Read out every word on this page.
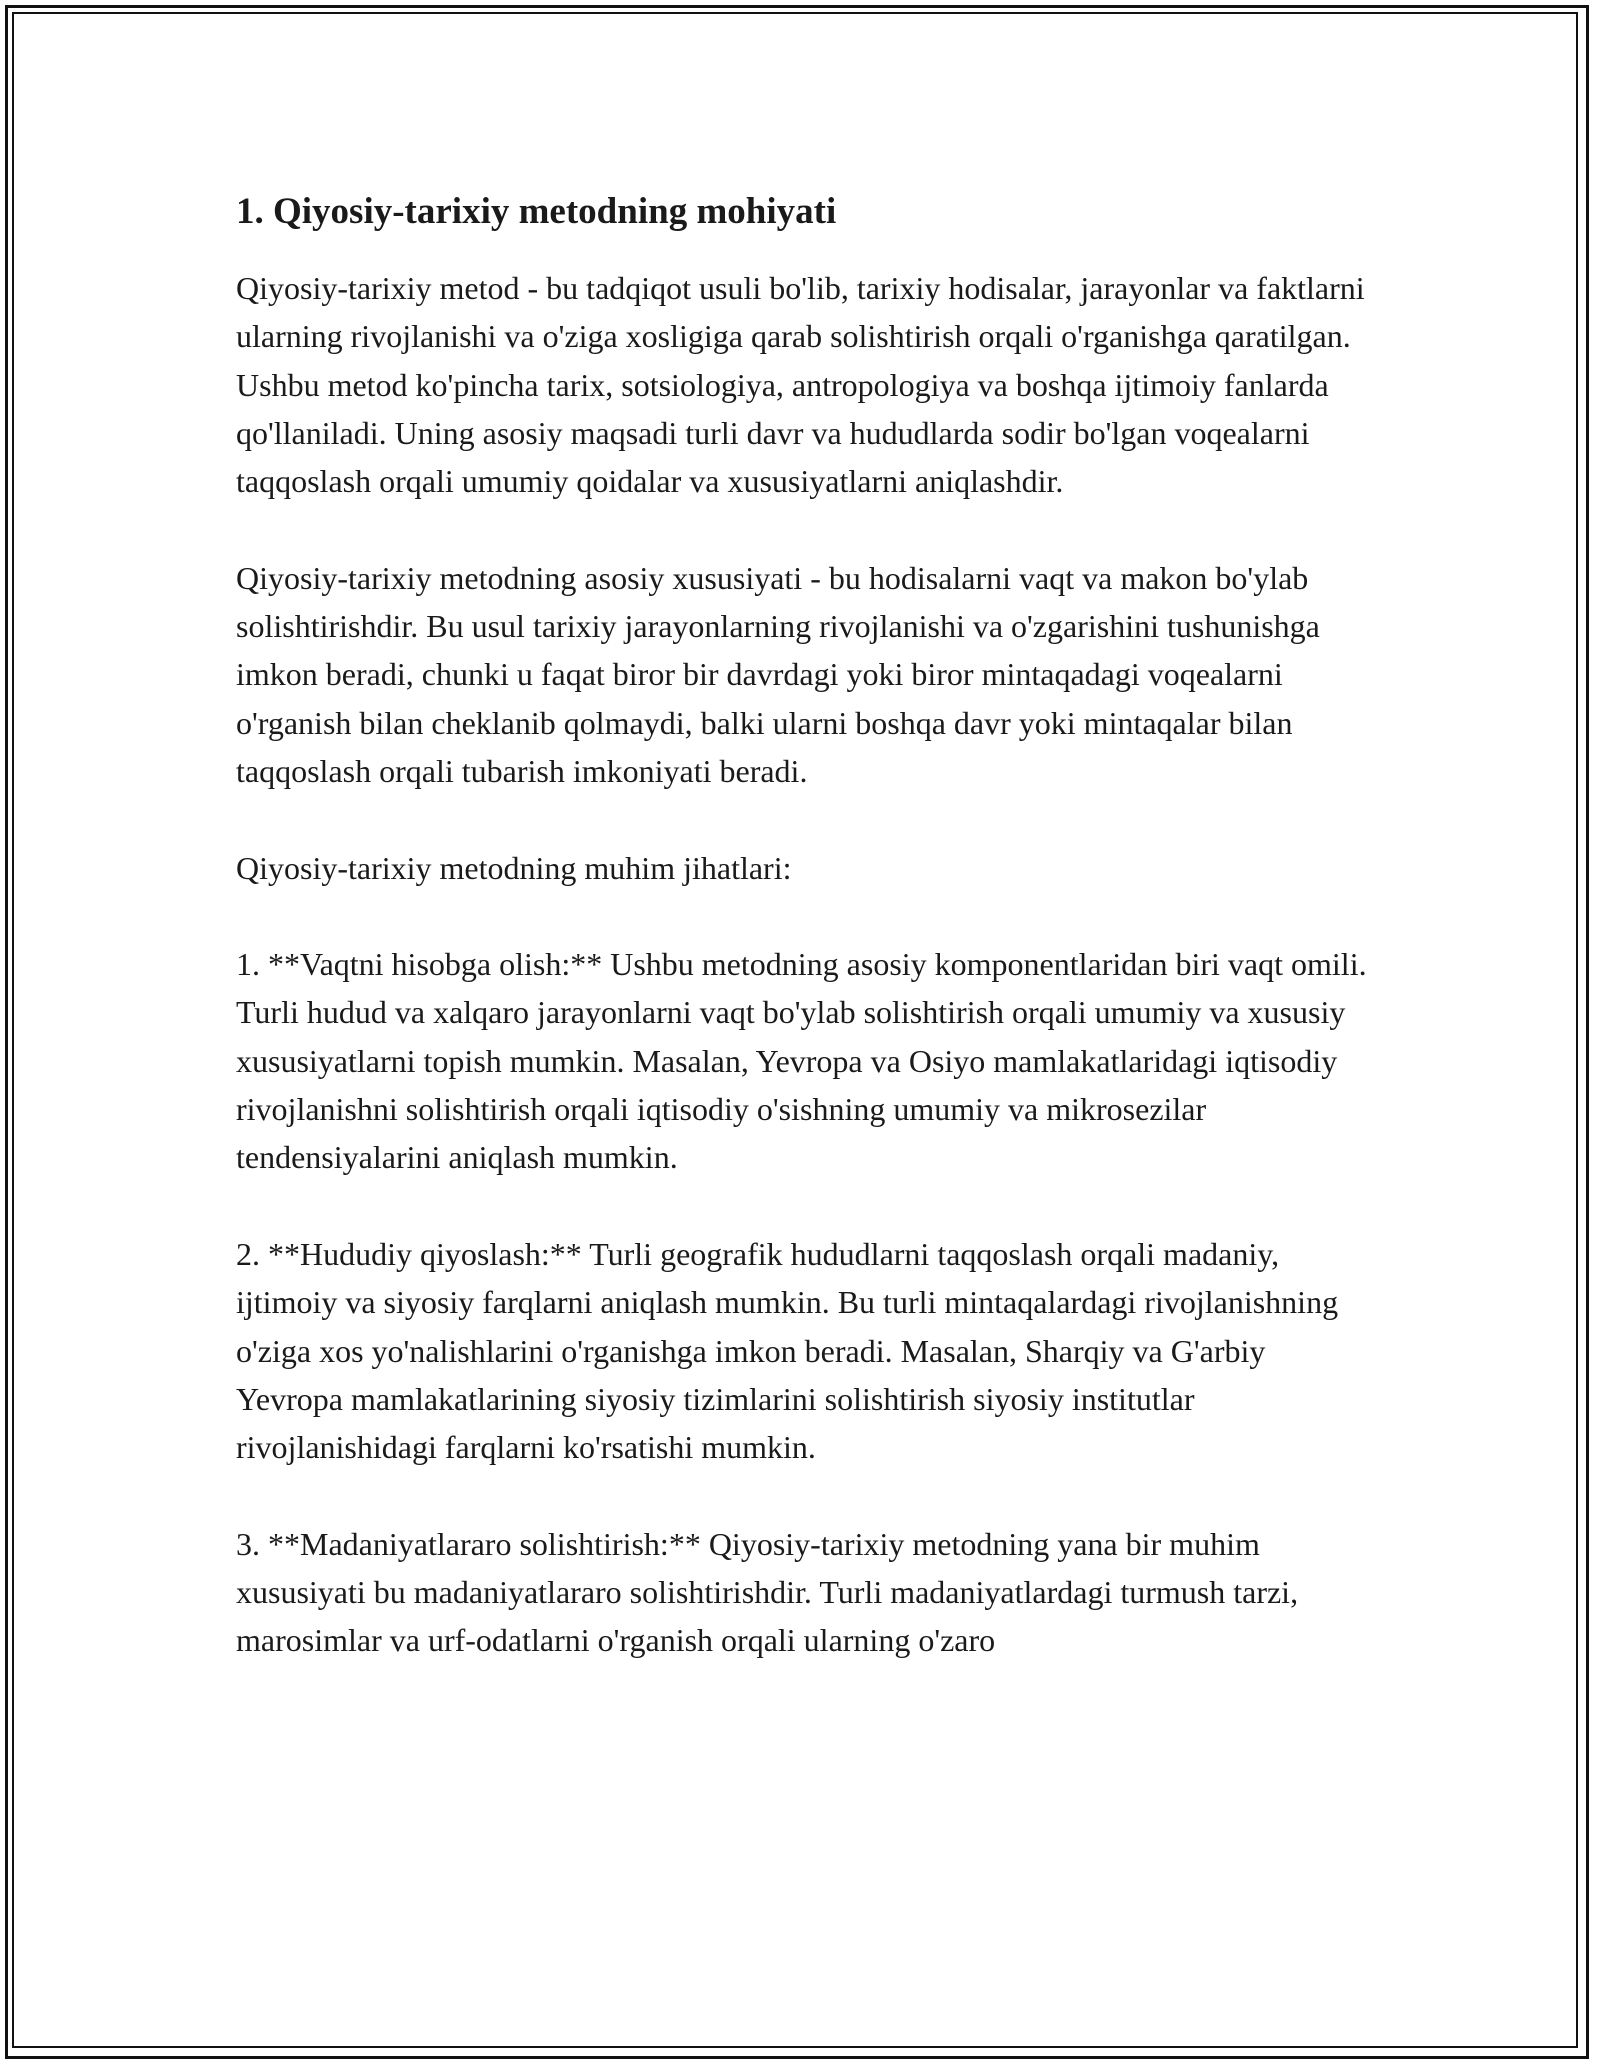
1. Qiyosiy-tarixiy metodning mohiyati

Qiyosiy-tarixiy metod - bu tadqiqot usuli bo'lib, tarixiy hodisalar, jarayonlar va faktlarni ularning rivojlanishi va o'ziga xosligiga qarab solishtirish orqali o'rganishga qaratilgan. Ushbu metod ko'pincha tarix, sotsiologiya, antropologiya va boshqa ijtimoiy fanlarda qo'llaniladi. Uning asosiy maqsadi turli davr va hududlarda sodir bo'lgan voqealarni taqqoslash orqali umumiy qoidalar va xususiyatlarni aniqlashdir.

Qiyosiy-tarixiy metodning asosiy xususiyati - bu hodisalarni vaqt va makon bo'ylab solishtirishdir. Bu usul tarixiy jarayonlarning rivojlanishi va o'zgarishini tushunishga imkon beradi, chunki u faqat biror bir davrdagi yoki biror mintaqadagi voqealarni o'rganish bilan cheklanib qolmaydi, balki ularni boshqa davr yoki mintaqalar bilan taqqoslash orqali tubarish imkoniyati beradi.

Qiyosiy-tarixiy metodning muhim jihatlari:

1. **Vaqtni hisobga olish:** Ushbu metodning asosiy komponentlaridan biri vaqt omili. Turli hudud va xalqaro jarayonlarni vaqt bo'ylab solishtirish orqali umumiy va xususiy xususiyatlarni topish mumkin. Masalan, Yevropa va Osiyo mamlakatlaridagi iqtisodiy rivojlanishni solishtirish orqali iqtisodiy o'sishning umumiy va mikrosezilar tendensiyalarini aniqlash mumkin.

2. **Hududiy qiyoslash:** Turli geografik hududlarni taqqoslash orqali madaniy, ijtimoiy va siyosiy farqlarni aniqlash mumkin. Bu turli mintaqalardagi rivojlanishning o'ziga xos yo'nalishlarini o'rganishga imkon beradi. Masalan, Sharqiy va G'arbiy Yevropa mamlakatlarining siyosiy tizimlarini solishtirish siyosiy institutlar rivojlanishidagi farqlarni ko'rsatishi mumkin.

3. **Madaniyatlararo solishtirish:** Qiyosiy-tarixiy metodning yana bir muhim xususiyati bu madaniyatlararo solishtirishdir. Turli madaniyatlardagi turmush tarzi, marosimlar va urf-odatlarni o'rganish orqali ularning o'zaro
